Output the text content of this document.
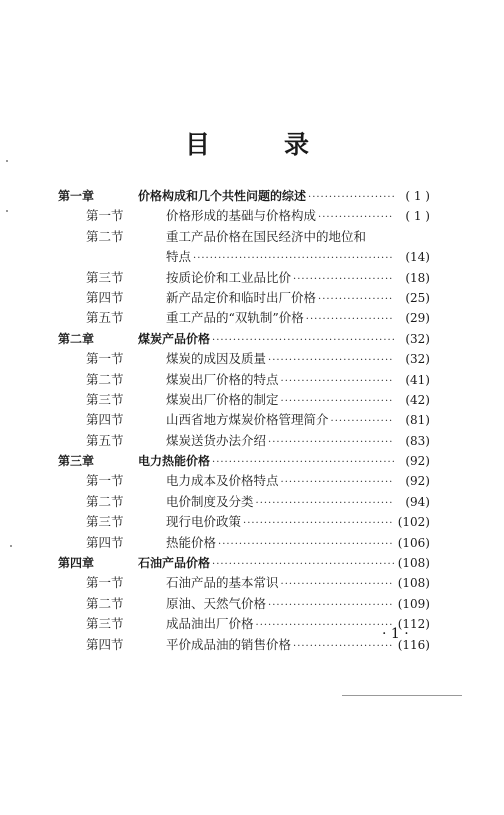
目	录
第一章	价格构成和几个共性问题的综述 ·····	( 1 )
第一节	价格形成的基础与价格构成 ·····	( 1 )
第二节	重工产品价格在国民经济中的地位和
特点 ·····	(14)
第三节	按质论价和工业品比价 ·····	(18)
第四节	新产品定价和临时出厂价格 ·····	(25)
第五节	重工产品的“双轨制”价格 ·····	(29)
第二章	煤炭产品价格 ·····	(32)
第一节	煤炭的成因及质量 ·····	(32)
第二节	煤炭出厂价格的特点 ·····	(41)
第三节	煤炭出厂价格的制定 ·····	(42)
第四节	山西省地方煤炭价格管理简介 ·····	(81)
第五节	煤炭送货办法介绍 ·····	(83)
第三章	电力热能价格 ·····	(92)
第一节	电力成本及价格特点 ·····	(92)
第二节	电价制度及分类 ·····	(94)
第三节	现行电价政策 ·····	(102)
第四节	热能价格 ·····	(106)
第四章	石油产品价格 ·····	(108)
第一节	石油产品的基本常识 ·····	(108)
第二节	原油、天然气价格 ·····	(109)
第三节	成品油出厂价格 ·····	(112)
第四节	平价成品油的销售价格 ·····	(116)
· 1 ·
